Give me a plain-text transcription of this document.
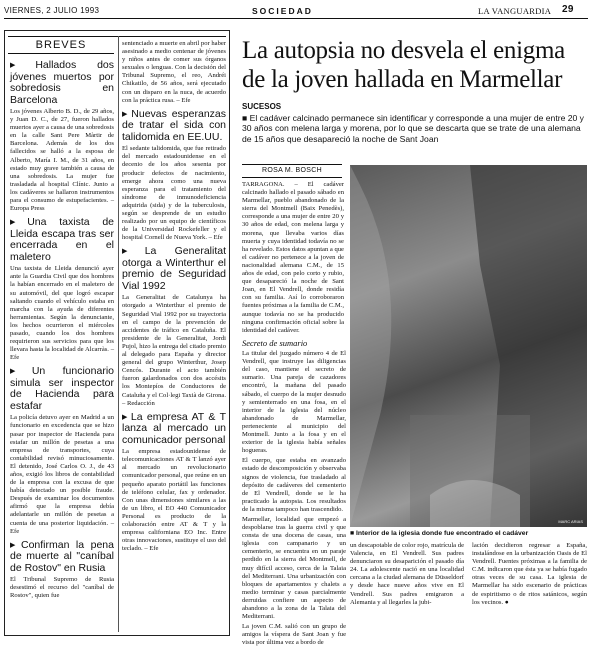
VIERNES, 2 JULIO 1993	SOCIEDAD	LA VANGUARDIA 29
BREVES
▶ Hallados dos jóvenes muertos por sobredosis en Barcelona

Los jóvenes Alberto B. D., de 29 años, y Juan D. C., de 27, fueron hallados muertos ayer a causa de una sobredosis en la calle Sant Pere Màrtir de Barcelona. Además de los dos fallecidos se halló a la esposa de Alberto, María I. M., de 31 años, en estado muy grave también a causa de una sobredosis. La mujer fue trasladada al hospital Clínic. Junto a los cadáveres se hallaron instrumentos para el consumo de estupefacientes. – Europa Press

▶ Una taxista de Lleida escapa tras ser encerrada en el maletero

Una taxista de Lleida denunció ayer ante la Guardia Civil que dos hombres la habían encerrado en el maletero de su automóvil, del que logró escapar saltando cuando el vehículo estaba en marcha con la ayuda de diferentes herramientas. Según la denunciante, los hechos ocurrieron el miércoles pasado, cuando los dos hombres requirieron sus servicios para que los llevara hasta la localidad de Alcarràs. – Efe

▶ Un funcionario simula ser inspector de Hacienda para estafar

La policía detuvo ayer en Madrid a un funcionario en excedencia que se hizo pasar por inspector de Hacienda para estafar un millón de pesetas a una empresa de transportes, cuya contabilidad revisó minuciosamente. El detenido, José Carlos O. J., de 43 años, exigió los libros de contabilidad de la empresa con la excusa de que había detectado un posible fraude. Después de examinar los documentos afirmó que la empresa debía adelantarle un millón de pesetas a cuenta de una posterior liquidación. – Efe

▶ Confirman la pena de muerte al "caníbal de Rostov" en Rusia

El Tribunal Supremo de Rusia desestimó el recurso del "caníbal de Rostov", quien fue

sentenciado a muerte en abril por haber asesinado a medio centenar de jóvenes y niños antes de comer sus órganos sexuales o lenguas. Con la decisión del Tribunal Supremo, el reo, Andréi Chikatilo, de 56 años, será ejecutado con un disparo en la nuca, de acuerdo con la práctica rusa. – Efe

▶ Nuevas esperanzas de tratar el sida con talidomida en EE.UU.

El sedante talidomida, que fue retirado del mercado estadounidense en el decenio de los años sesenta por producir defectos de nacimiento, emerge ahora como una nueva esperanza para el tratamiento del síndrome de inmunodeficiencia adquirida (sida) y de la tuberculosis, según se desprende de un estudio realizado por un equipo de científicos de la Universidad Rockefeller y el hospital Cornell de Nueva York. – Efe

▶ La Generalitat otorga a Winterthur el premio de Seguridad Vial 1992

La Generalitat de Catalunya ha otorgado a Winterthur el premio de Seguridad Vial 1992 por su trayectoria en el campo de la prevención de accidentes de tráfico en Cataluña. El presidente de la Generalitat, Jordi Pujol, hizo la entrega del citado premio al delegado para España y director general del grupo Winterthur, Josep Cencós. Durante el acto también fueron galardonados con dos accésits los Montepíos de Conductores de Cataluña y el Col·legi Taxià de Girona. – Redacción

▶ La empresa AT & T lanza al mercado un comunicador personal

La empresa estadounidense de telecomunicaciones AT & T lanzó ayer al mercado un revolucionario comunicador personal, que reúne en un pequeño aparato portátil las funciones de teléfono celular, fax y ordenador. Con unas dimensiones similares a las de un libro, el EO 440 Comunicador Personal es producto de la colaboración entre AT & T y la empresa californiana EO Inc. Entre otras innovaciones, sustituye el uso del teclado. – Efe

La autopsia no desvela el enigma de la joven hallada en Marmellar
SUCESOS
■ El cadáver calcinado permanece sin identificar y corresponde a una mujer de entre 20 y 30 años con melena larga y morena, por lo que se descarta que se trate de una alemana de 15 años que desapareció la noche de Sant Joan
ROSA M. BOSCH

TARRAGONA. – El cadáver calcinado hallado el pasado sábado en Marmellar, pueblo abandonado de la sierra del Montmell (Baix Penedès), corresponde a una mujer de entre 20 y 30 años de edad, con melena larga y morena, que llevaba varios días muerta y cuya identidad todavía no se ha revelado. Estos datos apuntan a que el cadáver no pertenece a la joven de nacionalidad alemana C.M., de 15 años de edad, con pelo corto y rubio, que desapareció la noche de Sant Joan, en El Vendrell, donde residía con su familia. Así lo corroboraron fuentes próximas a la familia de C.M., aunque todavía no se ha producido ninguna confirmación oficial sobre la identidad del cadáver.

Secreto de sumario

La titular del juzgado número 4 de El Vendrell, que instruye las diligencias del caso, mantiene el secreto de sumario. Una pareja de cazadores encontró, la mañana del pasado sábado, el cuerpo de la mujer desnudo y semienterrado en una fosa, en el interior de la iglesia del núcleo abandonado de Marmellar, perteneciente al municipio del Montmell. Junto a la fosa y en el exterior de la iglesia había señales hogueras.

El cuerpo, que estaba en avanzado estado de descomposición y observaba signos de violencia, fue trasladado al depósito de cadáveres del cementerio de El Vendrell, donde se le ha practicado la autopsia. Los resultados de la misma tampoco han trascendido.

Marmellar, localidad que empezó a despoblarse tras la guerra civil y que consta de una docena de casas, una iglesia con campanario y un cementerio, se encuentra en un paraje perdido en la sierra del Montmell, de muy difícil acceso, cerca de la Talaia del Mediterrani. Una urbanización con bloques de apartamentos y chalets a medio terminar y casas parcialmente derruidas confiere un aspecto de abandono a la zona de la Talaia del Mediterrani.

La joven C.M. salió con un grupo de amigos la víspera de Sant Joan y fue vista por última vez a bordo de

MARC ARIAS
■ Interior de la iglesia donde fue encontrado el cadáver

un descapotable de color rojo, matrícula de Valencia, en El Vendrell. Sus padres denunciaron su desaparición el pasado día 24. La adolescente nació en una localidad cercana a la ciudad alemana de Düsseldorf y desde hace nueve años vive en El Vendrell. Sus padres emigraron a Alemania y al llegarles la jubi-

lación decidieron regresar a España, instalándose en la urbanización Oasis de El Vendrell. Fuentes próximas a la familia de C.M. indicaron que ésta ya se había fugado otras veces de su casa. La iglesia de Marmellar ha sido escenario de prácticas de espiritismo o de ritos satánicos, según los vecinos. ●
